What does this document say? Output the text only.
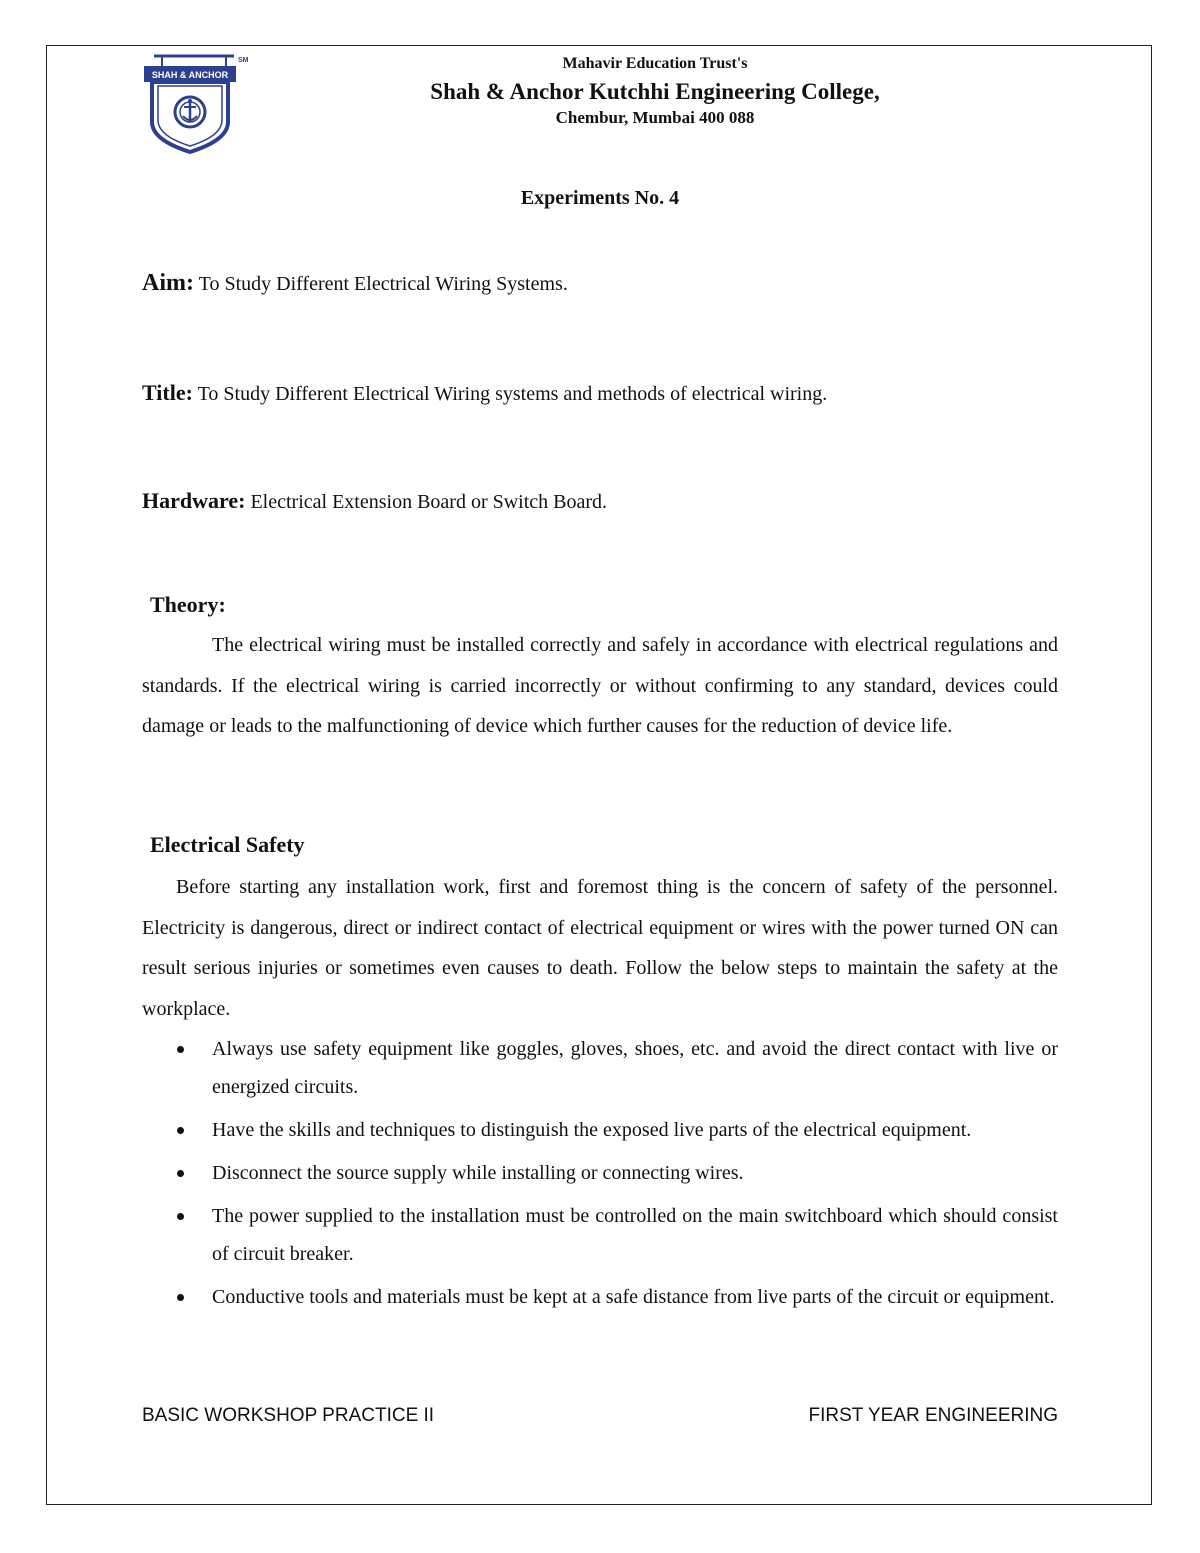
SHAH & ANCHOR
SM	Mahavir Education Trust's
Shah & Anchor Kutchhi Engineering College,
Chembur, Mumbai 400 088
Experiments No. 4
Aim: To Study Different Electrical Wiring Systems.
Title: To Study Different Electrical Wiring systems and methods of electrical wiring.
Hardware: Electrical Extension Board or Switch Board.
Theory:

The electrical wiring must be installed correctly and safely in accordance with electrical regulations and standards. If the electrical wiring is carried incorrectly or without confirming to any standard, devices could damage or leads to the malfunctioning of device which further causes for the reduction of device life.

Electrical Safety

Before starting any installation work, first and foremost thing is the concern of safety of the personnel. Electricity is dangerous, direct or indirect contact of electrical equipment or wires with the power turned ON can result serious injuries or sometimes even causes to death. Follow the below steps to maintain the safety at the workplace.

Always use safety equipment like goggles, gloves, shoes, etc. and avoid the direct contact with live or energized circuits.
Have the skills and techniques to distinguish the exposed live parts of the electrical equipment.
Disconnect the source supply while installing or connecting wires.
The power supplied to the installation must be controlled on the main switchboard which should consist of circuit breaker.
Conductive tools and materials must be kept at a safe distance from live parts of the circuit or equipment.
BASIC WORKSHOP PRACTICE II	FIRST YEAR ENGINEERING
